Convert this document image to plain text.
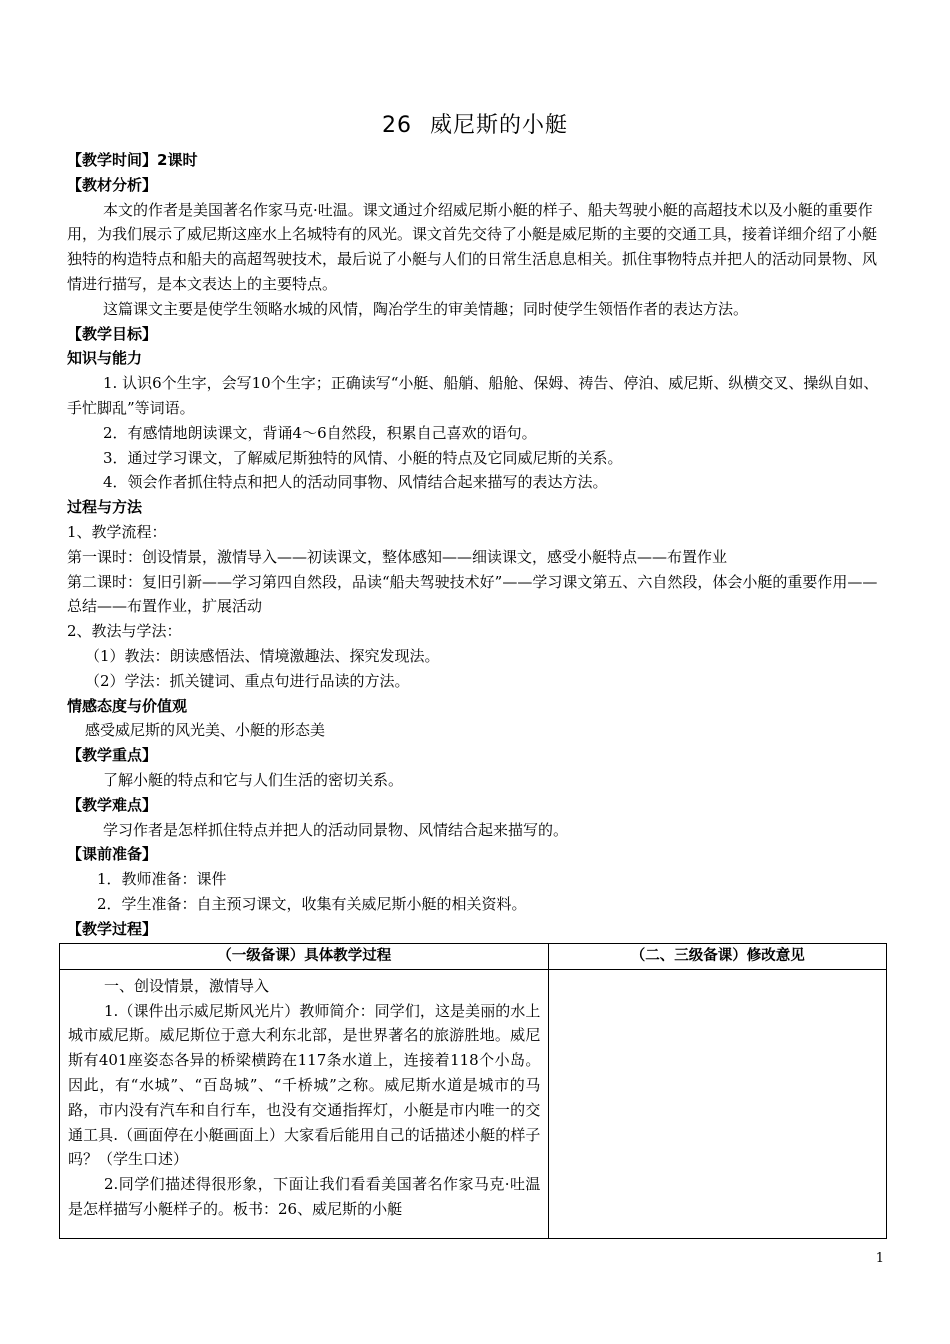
26 威尼斯的小艇

【教学时间】2课时

【教材分析】

本文的作者是美国著名作家马克·吐温。课文通过介绍威尼斯小艇的样子、船夫驾驶小艇的高超技术以及小艇的重要作用，为我们展示了威尼斯这座水上名城特有的风光。课文首先交待了小艇是威尼斯的主要的交通工具，接着详细介绍了小艇独特的构造特点和船夫的高超驾驶技术，最后说了小艇与人们的日常生活息息相关。抓住事物特点并把人的活动同景物、风情进行描写，是本文表达上的主要特点。

这篇课文主要是使学生领略水城的风情，陶冶学生的审美情趣；同时使学生领悟作者的表达方法。

【教学目标】

知识与能力

1. 认识6个生字，会写10个生字；正确读写“小艇、船艄、船舱、保姆、祷告、停泊、威尼斯、纵横交叉、操纵自如、手忙脚乱”等词语。

2．有感情地朗读课文，背诵4～6自然段，积累自己喜欢的语句。

3．通过学习课文，了解威尼斯独特的风情、小艇的特点及它同威尼斯的关系。

4．领会作者抓住特点和把人的活动同事物、风情结合起来描写的表达方法。

过程与方法

1、教学流程：

第一课时：创设情景，激情导入——初读课文，整体感知——细读课文，感受小艇特点——布置作业

第二课时：复旧引新——学习第四自然段，品读“船夫驾驶技术好”——学习课文第五、六自然段，体会小艇的重要作用——总结——布置作业，扩展活动

2、教法与学法：

（1）教法：朗读感悟法、情境激趣法、探究发现法。

（2）学法：抓关键词、重点句进行品读的方法。

情感态度与价值观

感受威尼斯的风光美、小艇的形态美

【教学重点】

了解小艇的特点和它与人们生活的密切关系。

【教学难点】

学习作者是怎样抓住特点并把人的活动同景物、风情结合起来描写的。

【课前准备】

1．教师准备：课件

2．学生准备：自主预习课文，收集有关威尼斯小艇的相关资料。

【教学过程】

（一级备课）具体教学过程	（二、三级备课）修改意见

一、创设情景，激情导入

1.（课件出示威尼斯风光片）教师简介：同学们，这是美丽的水上城市威尼斯。威尼斯位于意大利东北部，是世界著名的旅游胜地。威尼斯有401座姿态各异的桥梁横跨在117条水道上，连接着118个小岛。因此，有“水城”、“百岛城”、“千桥城”之称。威尼斯水道是城市的马路，市内没有汽车和自行车，也没有交通指挥灯，小艇是市内唯一的交通工具.（画面停在小艇画面上）大家看后能用自己的话描述小艇的样子吗？（学生口述）

2.同学们描述得很形象，下面让我们看看美国著名作家马克·吐温是怎样描写小艇样子的。板书：26、威尼斯的小艇	

1
